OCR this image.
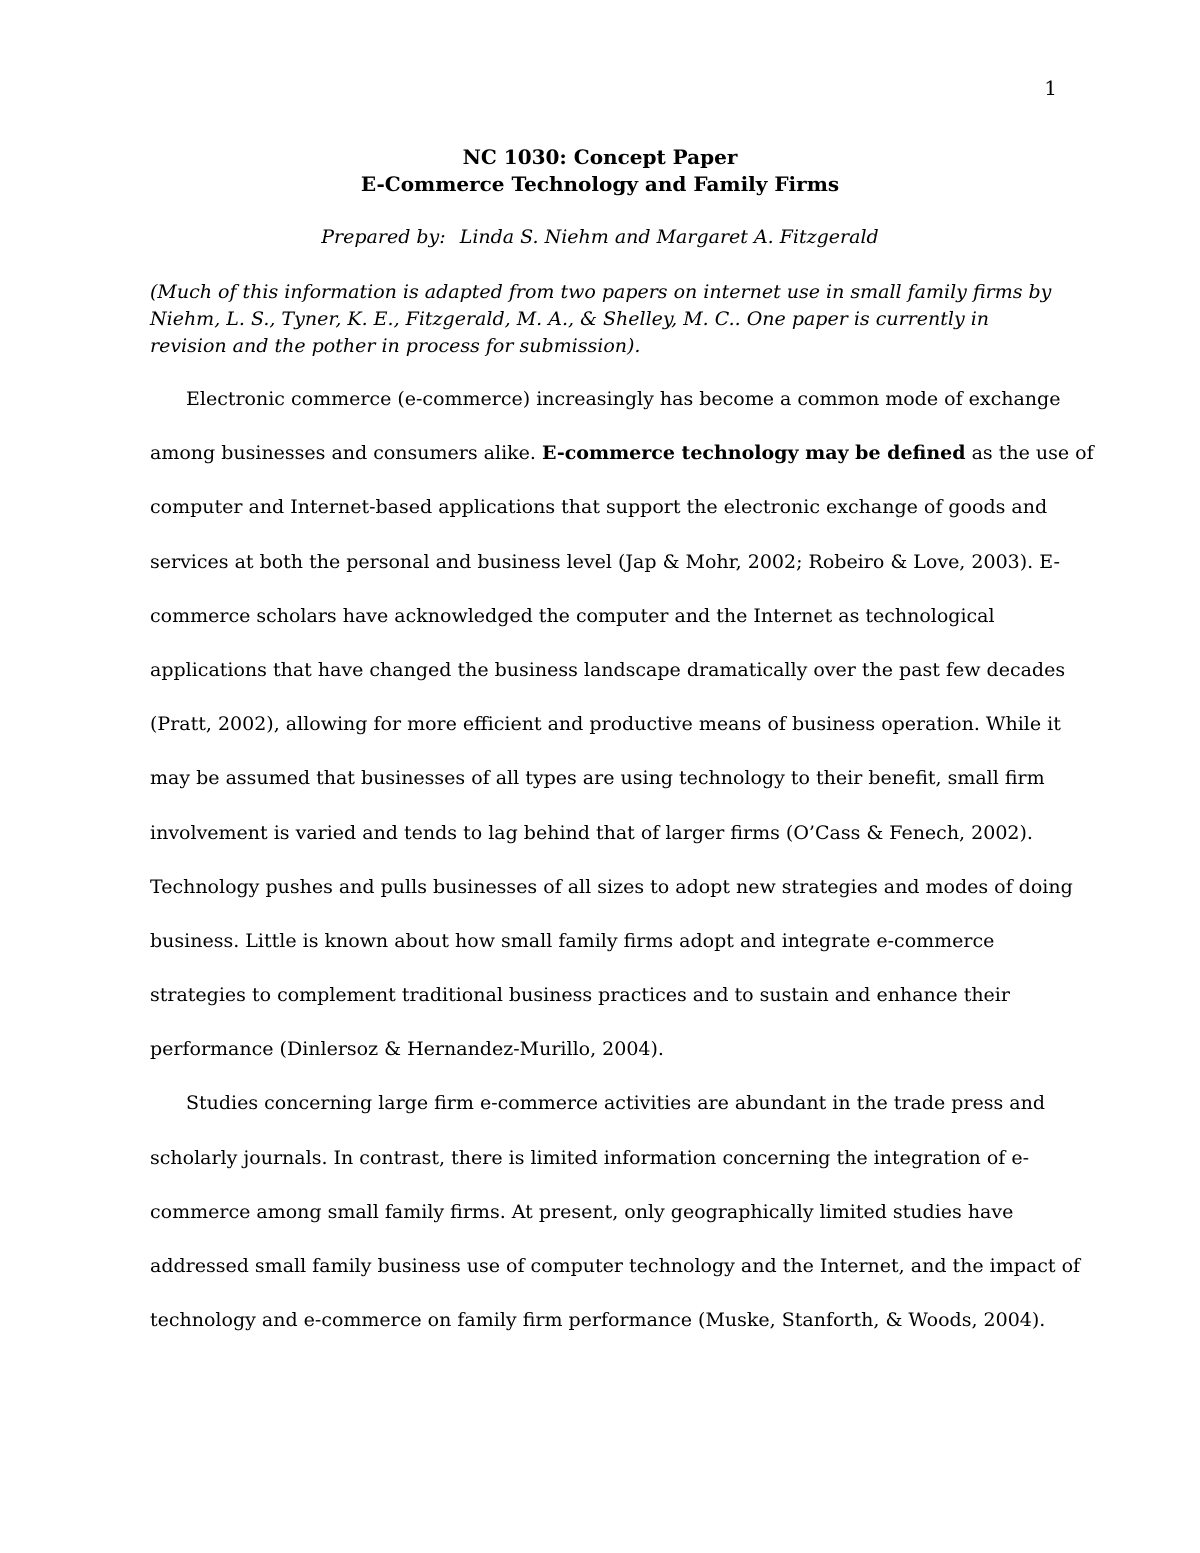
1
NC 1030: Concept Paper
E-Commerce Technology and Family Firms
Prepared by: Linda S. Niehm and Margaret A. Fitzgerald
(Much of this information is adapted from two papers on internet use in small family firms by
Niehm, L. S., Tyner, K. E., Fitzgerald, M. A., & Shelley, M. C.. One paper is currently in
revision and the pother in process for submission).
Electronic commerce (e-commerce) increasingly has become a common mode of exchange
among businesses and consumers alike. E-commerce technology may be defined as the use of
computer and Internet-based applications that support the electronic exchange of goods and
services at both the personal and business level (Jap & Mohr, 2002; Robeiro & Love, 2003). E-
commerce scholars have acknowledged the computer and the Internet as technological
applications that have changed the business landscape dramatically over the past few decades
(Pratt, 2002), allowing for more efficient and productive means of business operation. While it
may be assumed that businesses of all types are using technology to their benefit, small firm
involvement is varied and tends to lag behind that of larger firms (O’Cass & Fenech, 2002).
Technology pushes and pulls businesses of all sizes to adopt new strategies and modes of doing
business. Little is known about how small family firms adopt and integrate e-commerce
strategies to complement traditional business practices and to sustain and enhance their
performance (Dinlersoz & Hernandez-Murillo, 2004).
Studies concerning large firm e-commerce activities are abundant in the trade press and
scholarly journals. In contrast, there is limited information concerning the integration of e-
commerce among small family firms. At present, only geographically limited studies have
addressed small family business use of computer technology and the Internet, and the impact of
technology and e-commerce on family firm performance (Muske, Stanforth, & Woods, 2004).
